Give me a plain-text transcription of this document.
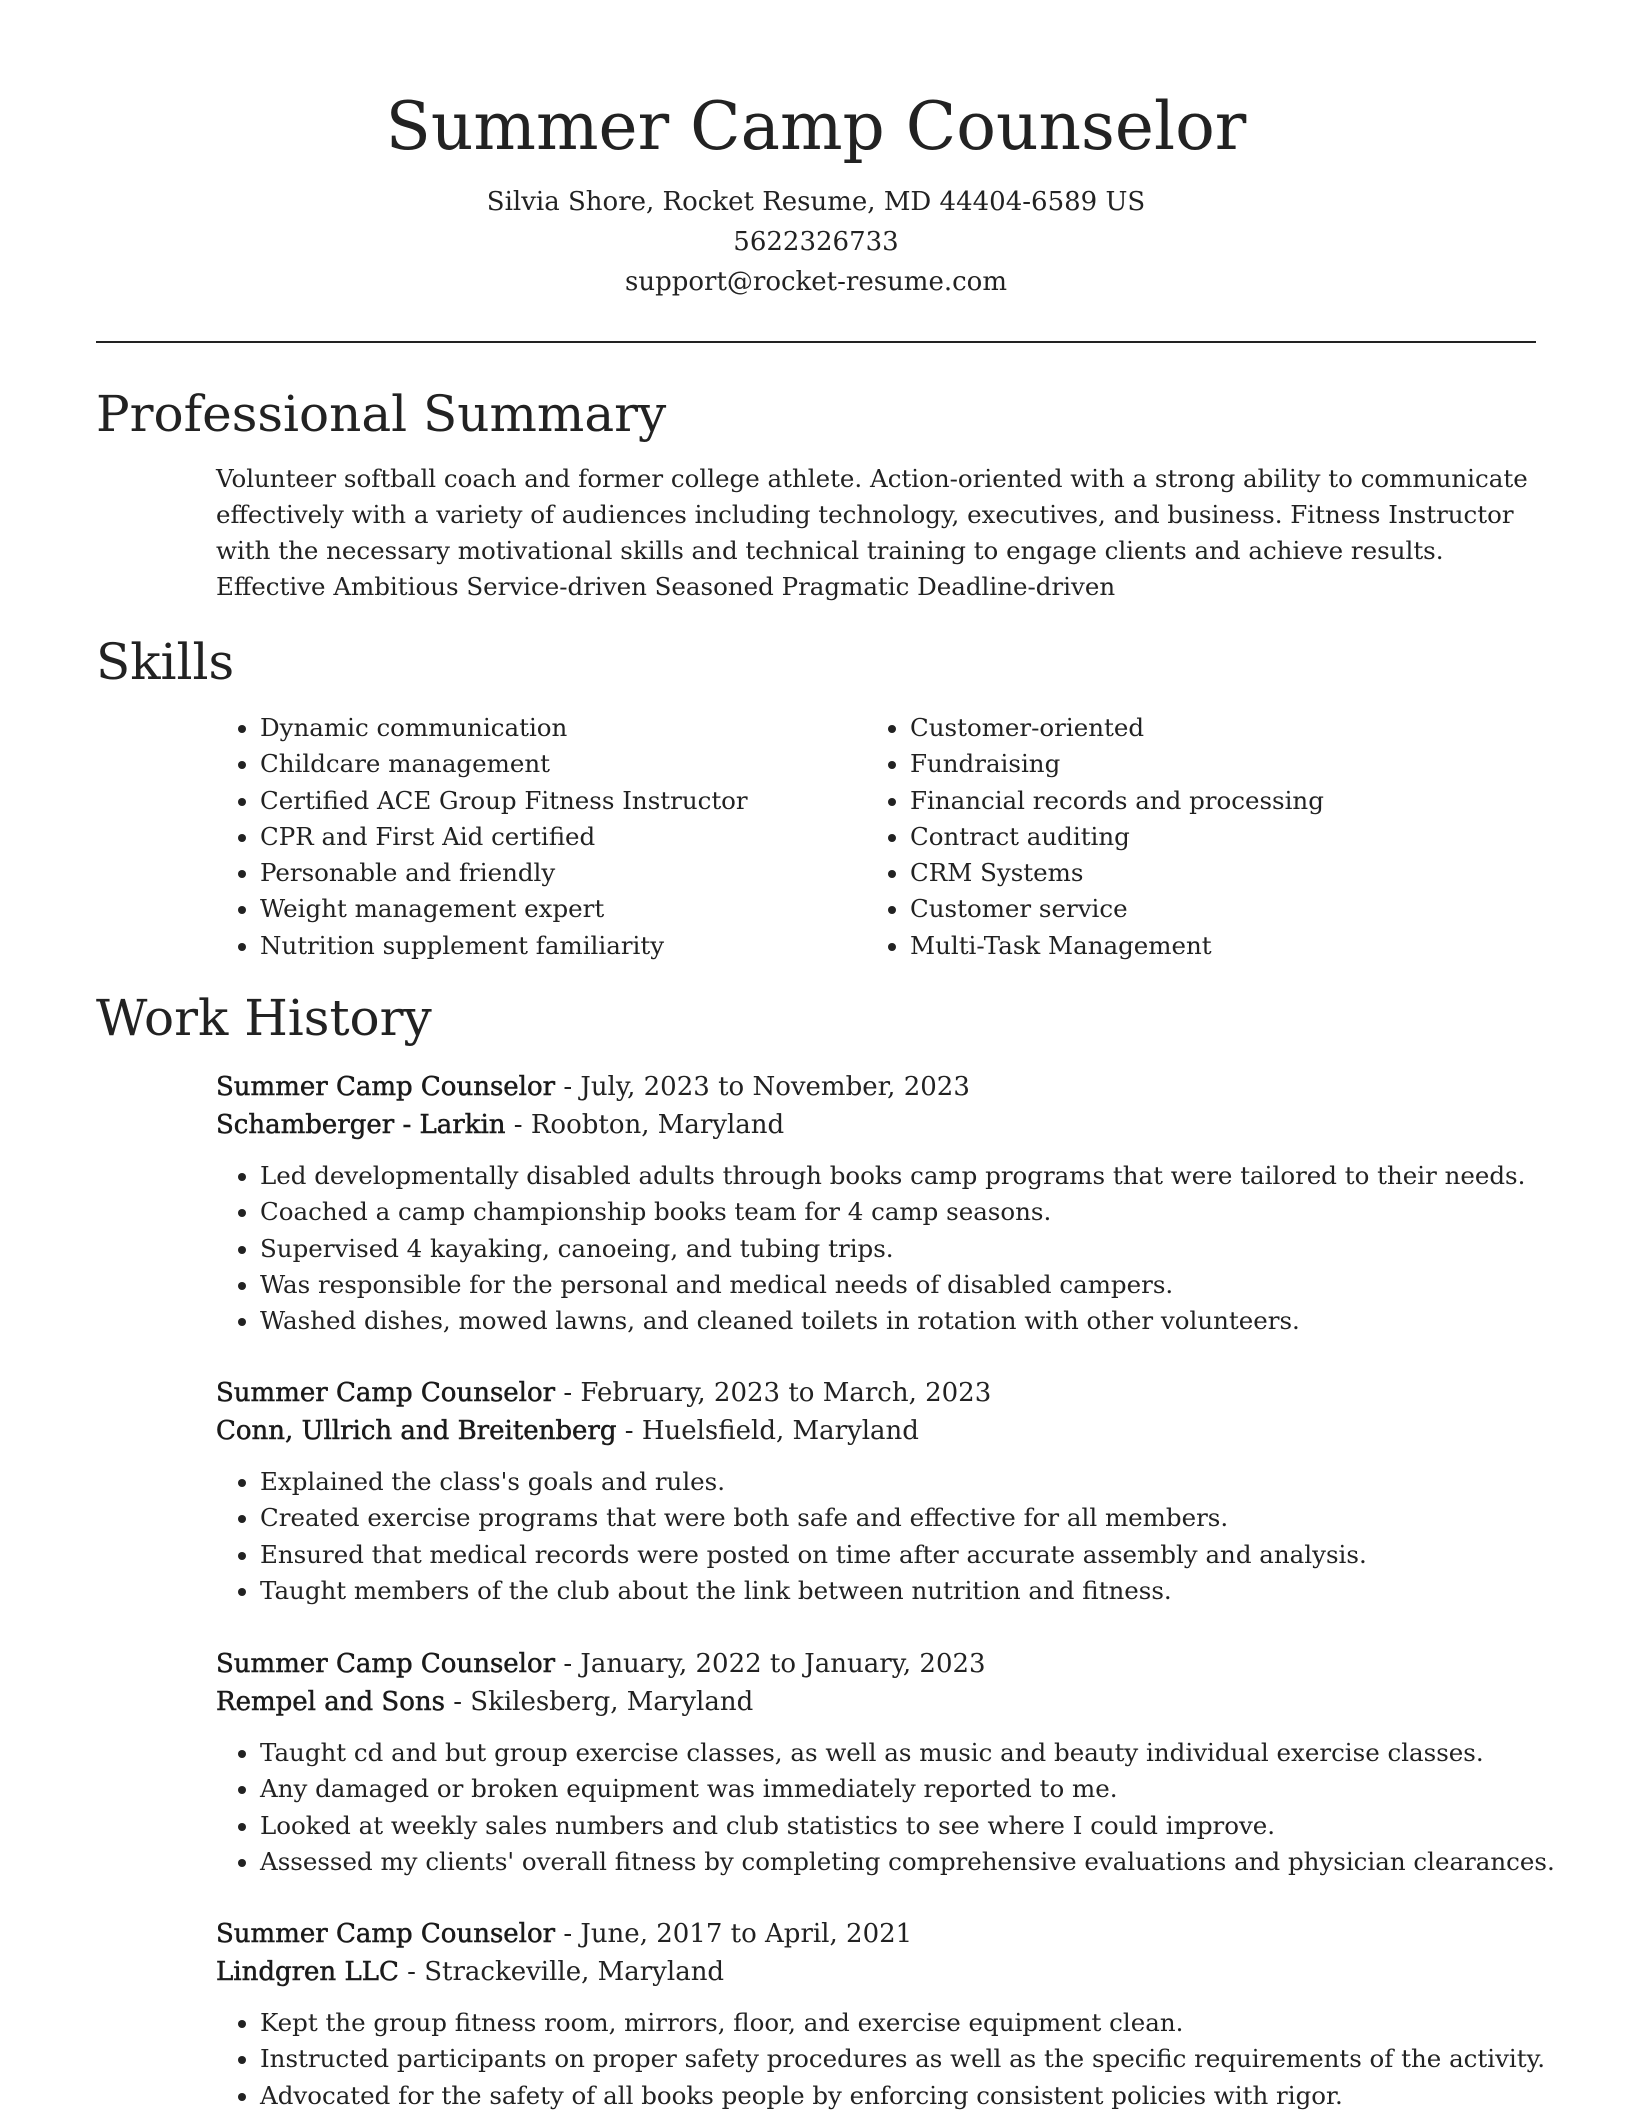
Summer Camp Counselor

Silvia Shore, Rocket Resume, MD 44404-6589 US

5622326733

support@rocket-resume.com

Professional Summary

Volunteer softball coach and former college athlete. Action-oriented with a strong ability to communicate effectively with a variety of audiences including technology, executives, and business. Fitness Instructor with the necessary motivational skills and technical training to engage clients and achieve results. Effective Ambitious Service-driven Seasoned Pragmatic Deadline-driven

Skills
• Dynamic communication
• Childcare management
• Certified ACE Group Fitness Instructor
• CPR and First Aid certified
• Personable and friendly
• Weight management expert
• Nutrition supplement familiarity
• Customer-oriented
• Fundraising
• Financial records and processing
• Contract auditing
• CRM Systems
• Customer service
• Multi-Task Management
Work History

Summer Camp Counselor - July, 2023 to November, 2023

Schamberger - Larkin - Roobton, Maryland

• Led developmentally disabled adults through books camp programs that were tailored to their needs.
• Coached a camp championship books team for 4 camp seasons.
• Supervised 4 kayaking, canoeing, and tubing trips.
• Was responsible for the personal and medical needs of disabled campers.
• Washed dishes, mowed lawns, and cleaned toilets in rotation with other volunteers.

Summer Camp Counselor - February, 2023 to March, 2023

Conn, Ullrich and Breitenberg - Huelsfield, Maryland

• Explained the class's goals and rules.
• Created exercise programs that were both safe and effective for all members.
• Ensured that medical records were posted on time after accurate assembly and analysis.
• Taught members of the club about the link between nutrition and fitness.

Summer Camp Counselor - January, 2022 to January, 2023

Rempel and Sons - Skilesberg, Maryland

• Taught cd and but group exercise classes, as well as music and beauty individual exercise classes.
• Any damaged or broken equipment was immediately reported to me.
• Looked at weekly sales numbers and club statistics to see where I could improve.
• Assessed my clients' overall fitness by completing comprehensive evaluations and physician clearances.

Summer Camp Counselor - June, 2017 to April, 2021

Lindgren LLC - Strackeville, Maryland

• Kept the group fitness room, mirrors, floor, and exercise equipment clean.
• Instructed participants on proper safety procedures as well as the specific requirements of the activity.
• Advocated for the safety of all books people by enforcing consistent policies with rigor.
